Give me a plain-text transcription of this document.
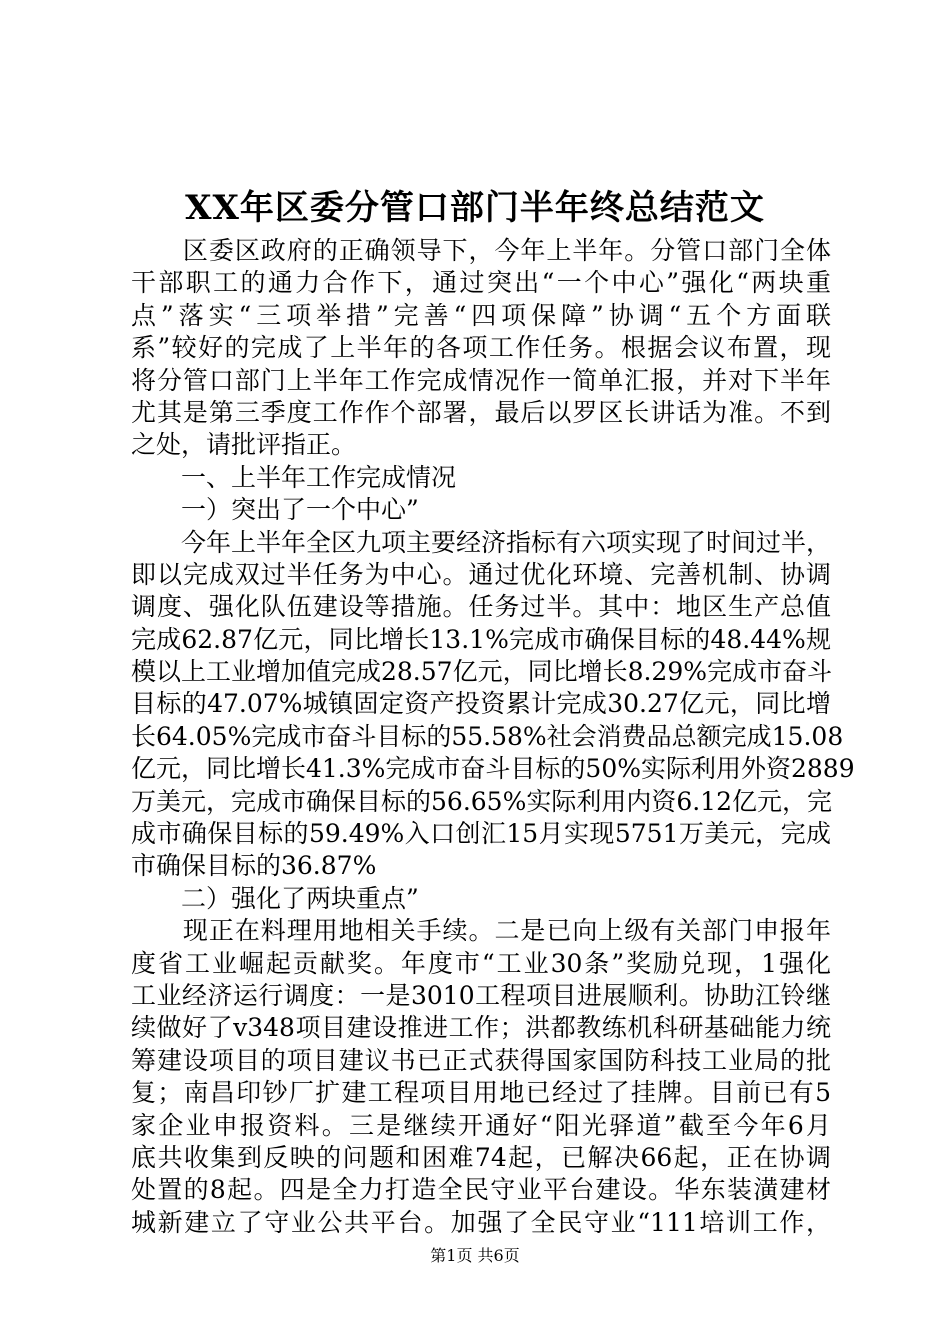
XX年区委分管口部门半年终总结范文
　　区委区政府的正确领导下，今年上半年。分管口部门全体
干部职工的通力合作下，通过突出“一个中心”强化“两块重
点”落实“三项举措”完善“四项保障”协调“五个方面联
系”较好的完成了上半年的各项工作任务。根据会议布置，现
将分管口部门上半年工作完成情况作一简单汇报，并对下半年
尤其是第三季度工作作个部署，最后以罗区长讲话为准。不到
之处，请批评指正。
　　一、上半年工作完成情况
　　一）突出了一个中心”
　　今年上半年全区九项主要经济指标有六项实现了时间过半，
即以完成双过半任务为中心。通过优化环境、完善机制、协调
调度、强化队伍建设等措施。任务过半。其中：地区生产总值
完成62.87亿元，同比增长13.1%完成市确保目标的48.44%规
模以上工业增加值完成28.57亿元，同比增长8.29%完成市奋斗
目标的47.07%城镇固定资产投资累计完成30.27亿元，同比增
长64.05%完成市奋斗目标的55.58%社会消费品总额完成15.08
亿元，同比增长41.3%完成市奋斗目标的50%实际利用外资2889
万美元，完成市确保目标的56.65%实际利用内资6.12亿元，完
成市确保目标的59.49%入口创汇15月实现5751万美元，完成
市确保目标的36.87%
　　二）强化了两块重点”
　　现正在料理用地相关手续。二是已向上级有关部门申报年
度省工业崛起贡献奖。年度市“工业30条”奖励兑现，1强化
工业经济运行调度：一是3010工程项目进展顺利。协助江铃继
续做好了v348项目建设推进工作；洪都教练机科研基础能力统
筹建设项目的项目建议书已正式获得国家国防科技工业局的批
复；南昌印钞厂扩建工程项目用地已经过了挂牌。目前已有5
家企业申报资料。三是继续开通好“阳光驿道”截至今年6月
底共收集到反映的问题和困难74起，已解决66起，正在协调
处置的8起。四是全力打造全民守业平台建设。华东装潢建材
城新建立了守业公共平台。加强了全民守业“111培训工作，
第1页 共6页
